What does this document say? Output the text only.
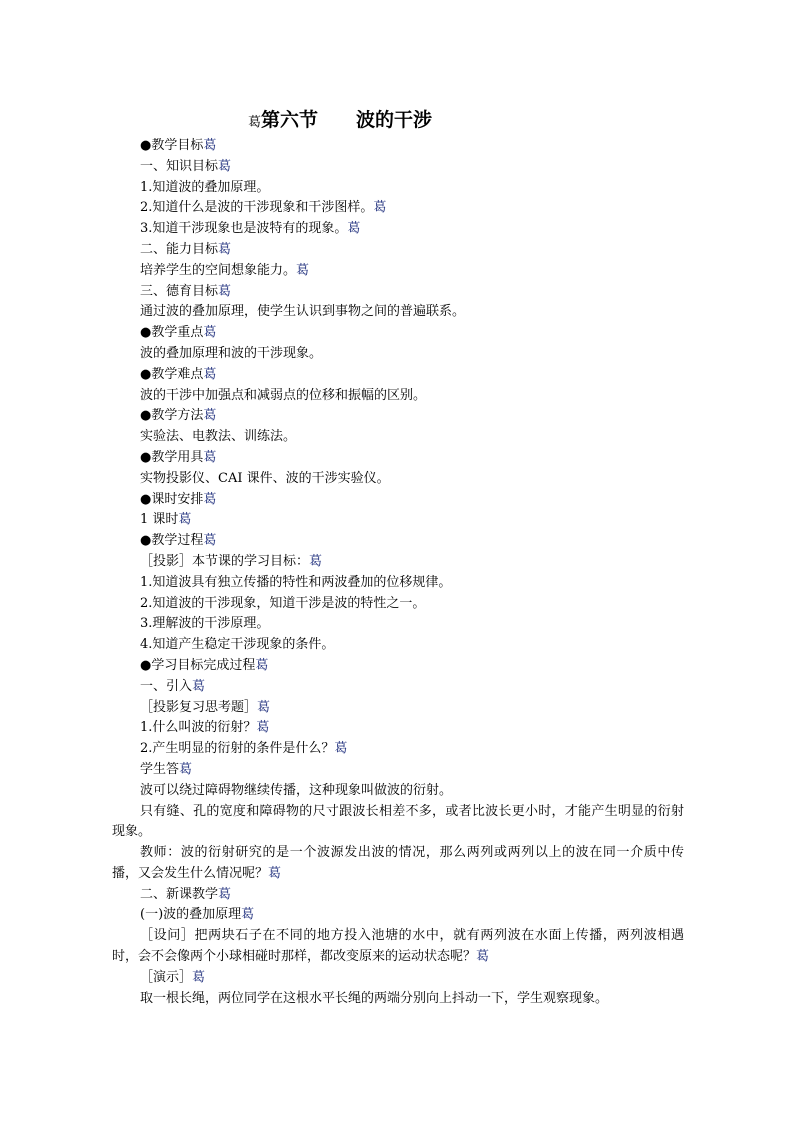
葛第六节　　波的干涉
●教学目标葛
一、知识目标葛
1.知道波的叠加原理。
2.知道什么是波的干涉现象和干涉图样。葛
3.知道干涉现象也是波特有的现象。葛
二、能力目标葛
培养学生的空间想象能力。葛
三、德育目标葛
通过波的叠加原理，使学生认识到事物之间的普遍联系。
●教学重点葛
波的叠加原理和波的干涉现象。
●教学难点葛
波的干涉中加强点和减弱点的位移和振幅的区别。
●教学方法葛
实验法、电教法、训练法。
●教学用具葛
实物投影仪、CAI 课件、波的干涉实验仪。
●课时安排葛
1 课时葛
●教学过程葛
［投影］本节课的学习目标：葛
1.知道波具有独立传播的特性和两波叠加的位移规律。
2.知道波的干涉现象，知道干涉是波的特性之一。
3.理解波的干涉原理。
4.知道产生稳定干涉现象的条件。
●学习目标完成过程葛
一、引入葛
［投影复习思考题］葛
1.什么叫波的衍射？葛
2.产生明显的衍射的条件是什么？葛
学生答葛
波可以绕过障碍物继续传播，这种现象叫做波的衍射。
只有缝、孔的宽度和障碍物的尺寸跟波长相差不多，或者比波长更小时，才能产生明显的衍射现象。
教师：波的衍射研究的是一个波源发出波的情况，那么两列或两列以上的波在同一介质中传播，又会发生什么情况呢？葛
二、新课教学葛
(一)波的叠加原理葛
［设问］把两块石子在不同的地方投入池塘的水中，就有两列波在水面上传播，两列波相遇时，会不会像两个小球相碰时那样，都改变原来的运动状态呢？葛
［演示］葛
取一根长绳，两位同学在这根水平长绳的两端分别向上抖动一下，学生观察现象。
